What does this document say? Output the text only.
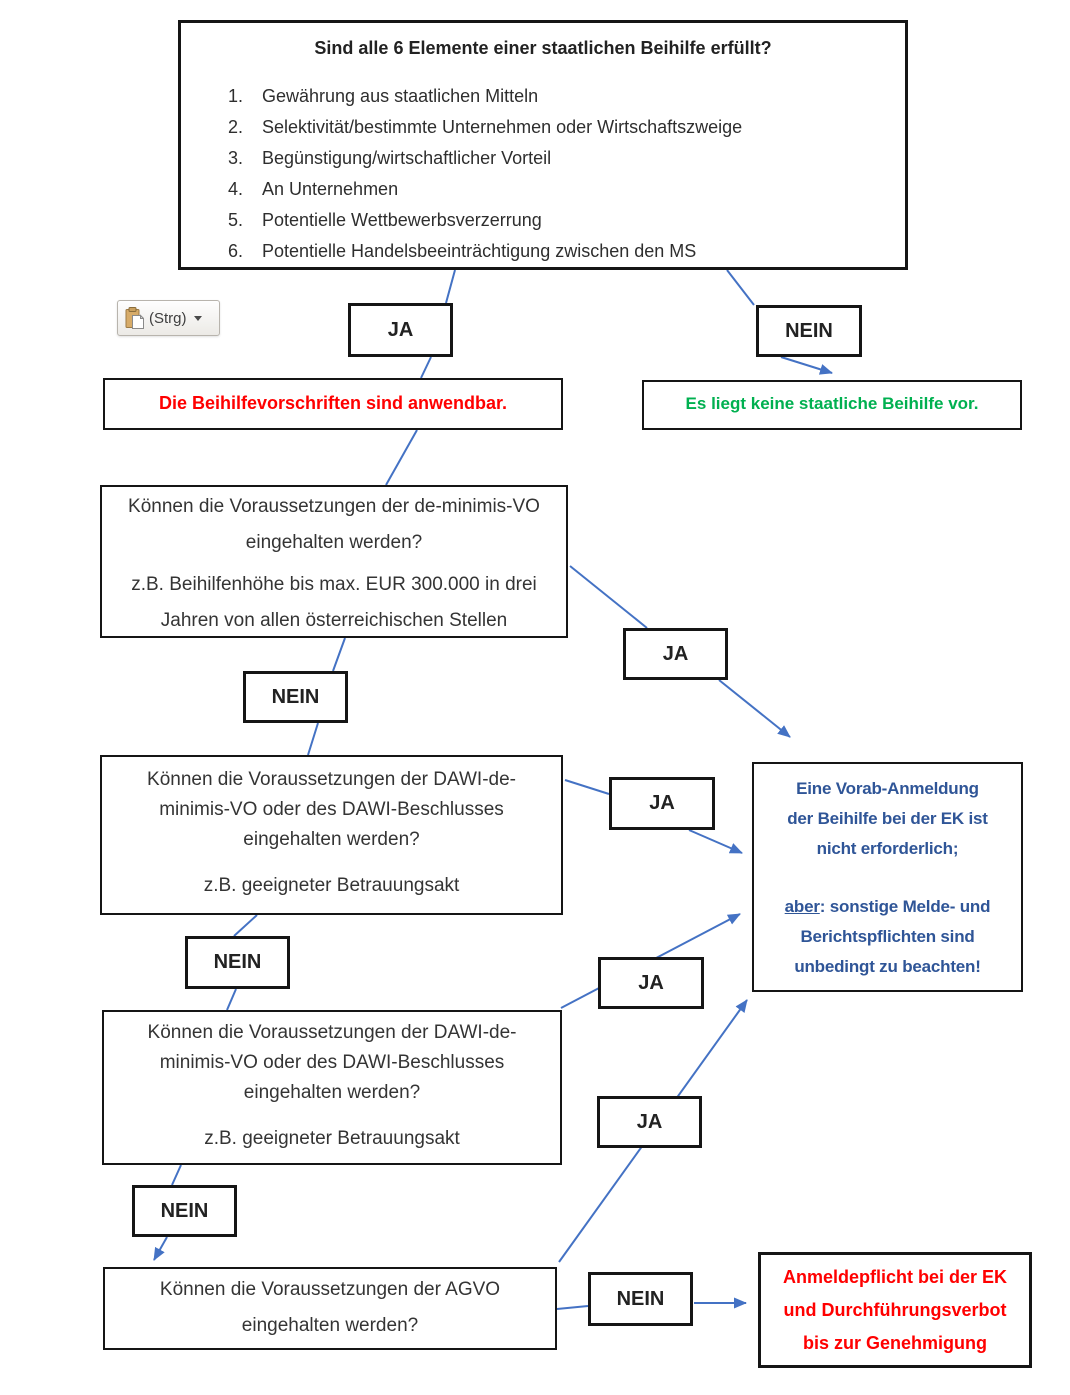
Sind alle 6 Elemente einer staatlichen Beihilfe erfüllt?
1.	Gewährung aus staatlichen Mitteln
2.	Selektivität/bestimmte Unternehmen oder Wirtschaftszweige
3.	Begünstigung/wirtschaftlicher Vorteil
4.	An Unternehmen
5.	Potentielle Wettbewerbsverzerrung
6.	Potentielle Handelsbeeinträchtigung zwischen den MS
(Strg)
JA	NEIN
JA
NEIN
JA
NEIN
JA
JA
NEIN
NEIN
Die Beihilfevorschriften sind anwendbar.	Es liegt keine staatliche Beihilfe vor.
Können die Voraussetzungen der de-minimis-VO
eingehalten werden?
z.B. Beihilfenhöhe bis max. EUR 300.000 in drei
Jahren von allen österreichischen Stellen
Können die Voraussetzungen der DAWI-de-
minimis-VO oder des DAWI-Beschlusses
eingehalten werden?
z.B. geeigneter Betrauungsakt
Eine Vorab-Anmeldung
der Beihilfe bei der EK ist
nicht erforderlich;
aber: sonstige Melde- und
Berichtspflichten sind
unbedingt zu beachten!
Können die Voraussetzungen der DAWI-de-
minimis-VO oder des DAWI-Beschlusses
eingehalten werden?
z.B. geeigneter Betrauungsakt
Können die Voraussetzungen der AGVO
eingehalten werden?
Anmeldepflicht bei der EK
und Durchführungsverbot
bis zur Genehmigung
